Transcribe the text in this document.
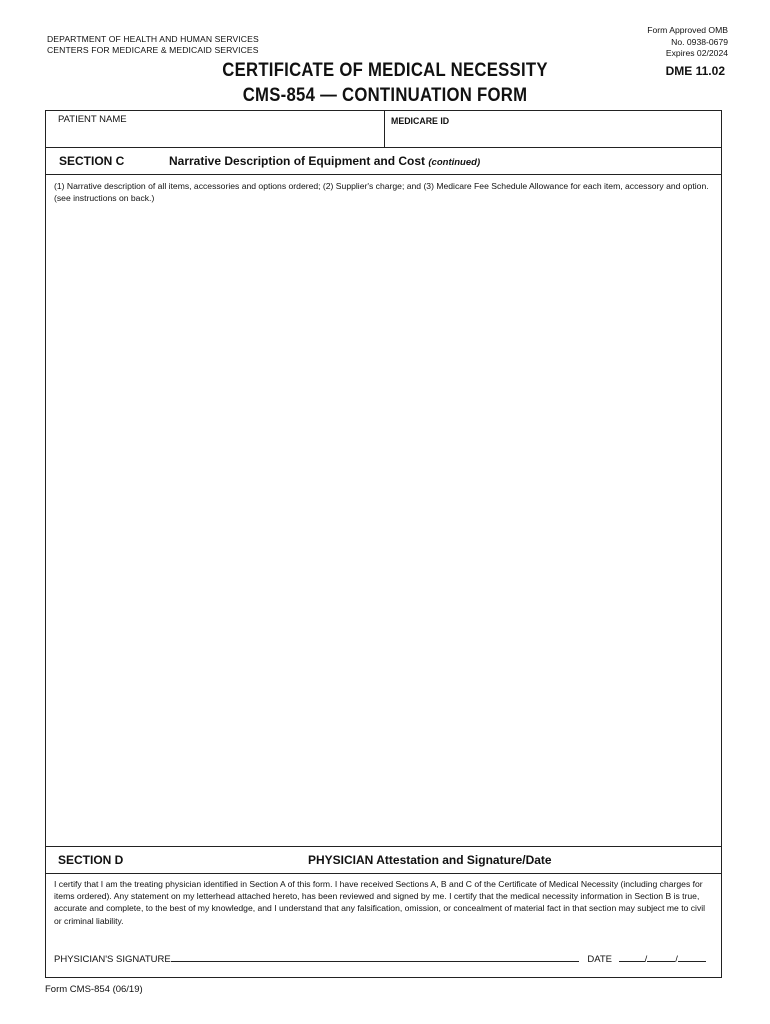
DEPARTMENT OF HEALTH AND HUMAN SERVICES
CENTERS FOR MEDICARE & MEDICAID SERVICES
Form Approved OMB
No. 0938-0679
Expires 02/2024
CERTIFICATE OF MEDICAL NECESSITY
CMS-854 — CONTINUATION FORM
DME 11.02
PATIENT NAME	MEDICARE ID
SECTION C	Narrative Description of Equipment and Cost (continued)
(1) Narrative description of all items, accessories and options ordered; (2) Supplier's charge; and (3) Medicare Fee Schedule Allowance for each item, accessory and option. (see instructions on back.)
SECTION D	PHYSICIAN Attestation and Signature/Date
I certify that I am the treating physician identified in Section A of this form. I have received Sections A, B and C of the Certificate of Medical Necessity (including charges for items ordered). Any statement on my letterhead attached hereto, has been reviewed and signed by me. I certify that the medical necessity information in Section B is true, accurate and complete, to the best of my knowledge, and I understand that any falsification, omission, or concealment of material fact in that section may subject me to civil or criminal liability.
PHYSICIAN'S SIGNATURE	DATE	/	/
Form CMS-854 (06/19)
